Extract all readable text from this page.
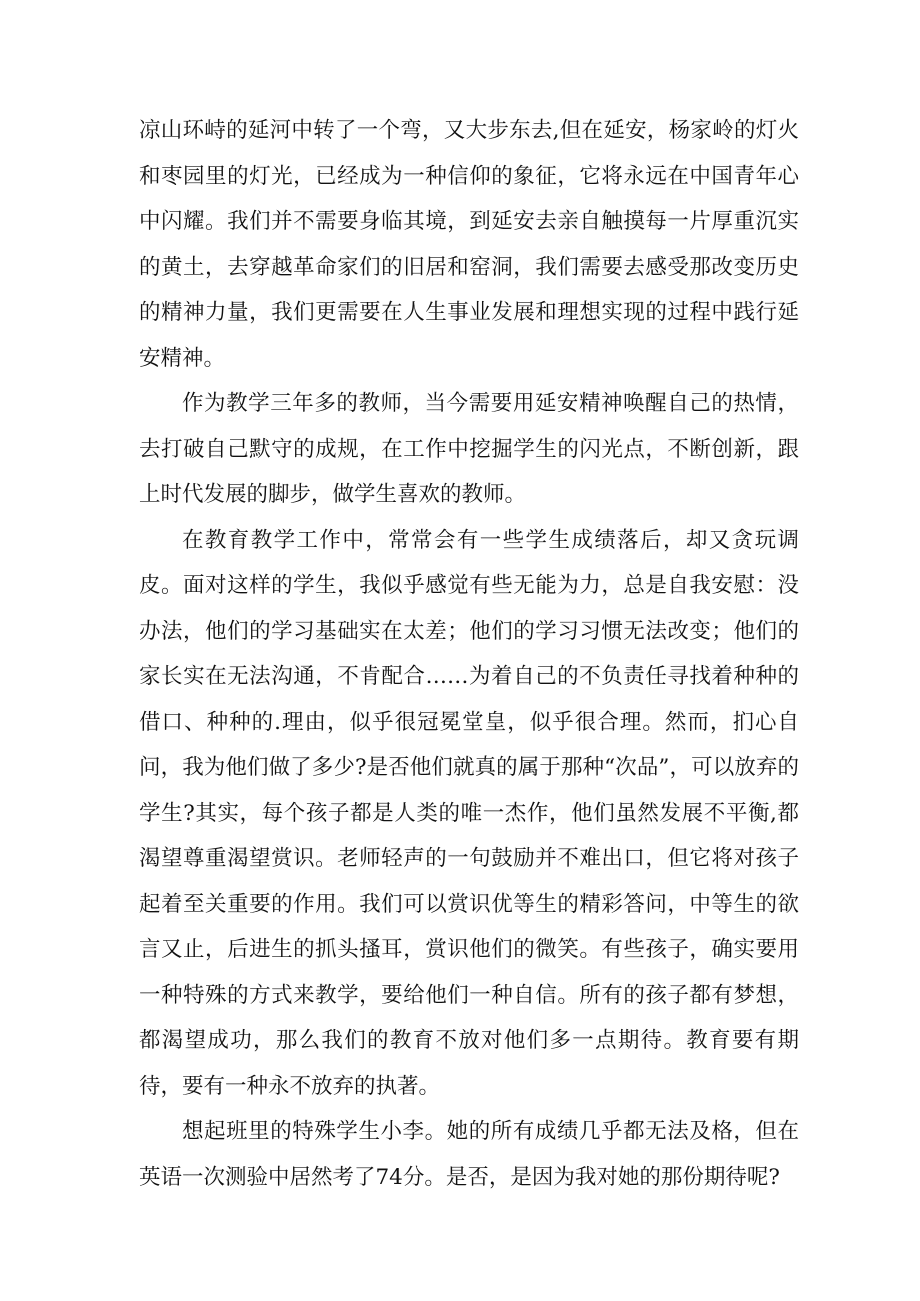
凉山环峙的延河中转了一个弯，又大步东去,但在延安，杨家岭的灯火和枣园里的灯光，已经成为一种信仰的象征，它将永远在中国青年心中闪耀。我们并不需要身临其境，到延安去亲自触摸每一片厚重沉实的黄土，去穿越革命家们的旧居和窑洞，我们需要去感受那改变历史的精神力量，我们更需要在人生事业发展和理想实现的过程中践行延安精神。

作为教学三年多的教师，当今需要用延安精神唤醒自己的热情，去打破自己默守的成规，在工作中挖掘学生的闪光点，不断创新，跟上时代发展的脚步，做学生喜欢的教师。

在教育教学工作中，常常会有一些学生成绩落后，却又贪玩调皮。面对这样的学生，我似乎感觉有些无能为力，总是自我安慰：没办法，他们的学习基础实在太差；他们的学习习惯无法改变；他们的家长实在无法沟通，不肯配合……为着自己的不负责任寻找着种种的借口、种种的.理由，似乎很冠冕堂皇，似乎很合理。然而，扪心自问，我为他们做了多少?是否他们就真的属于那种“次品”，可以放弃的学生?其实，每个孩子都是人类的唯一杰作，他们虽然发展不平衡,都渴望尊重渴望赏识。老师轻声的一句鼓励并不难出口，但它将对孩子起着至关重要的作用。我们可以赏识优等生的精彩答问，中等生的欲言又止，后进生的抓头搔耳，赏识他们的微笑。有些孩子，确实要用一种特殊的方式来教学，要给他们一种自信。所有的孩子都有梦想，都渴望成功，那么我们的教育不放对他们多一点期待。教育要有期待，要有一种永不放弃的执著。

想起班里的特殊学生小李。她的所有成绩几乎都无法及格，但在英语一次测验中居然考了74分。是否，是因为我对她的那份期待呢?
